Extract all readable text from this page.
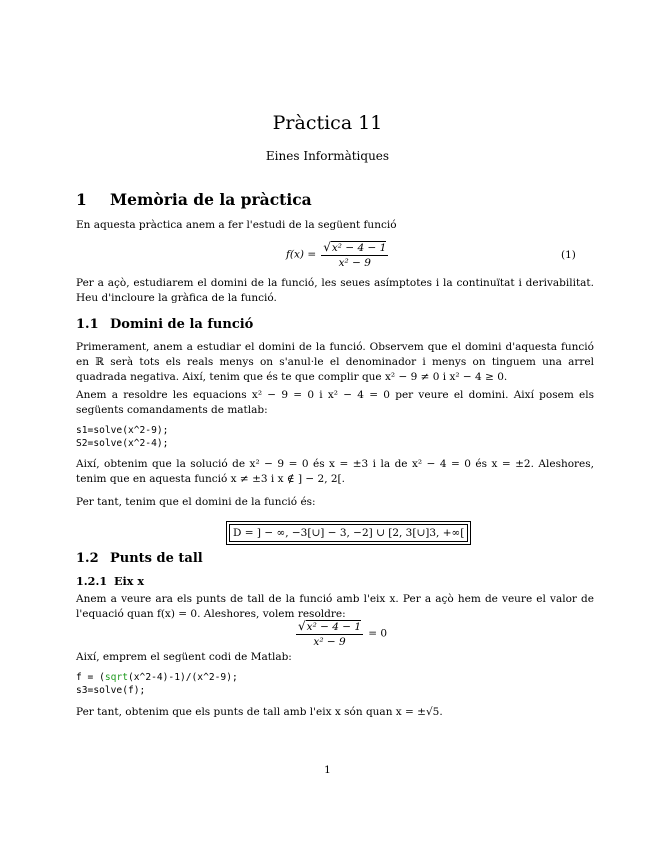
Pràctica 11
Eines Informàtiques
1 Memòria de la pràctica
En aquesta pràctica anem a fer l'estudi de la següent funció
$f(x) = \frac{\text{√x² − 4 − 1}}{\text{x² − 9}}$	(1)
Per a açò, estudiarem el domini de la funció, les seues asímptotes i la continuïtat i derivabilitat. Heu d'incloure la gràfica de la funció.
1.1 Domini de la funció
Primerament, anem a estudiar el domini de la funció. Observem que el domini d'aquesta funció en ℝ serà tots els reals menys on s'anul·le el denominador i menys on tinguem una arrel quadrada negativa. Així, tenim que és te que complir que x² − 9 ≠ 0 i x² − 4 ≥ 0.
Anem a resoldre les equacions x² − 9 = 0 i x² − 4 = 0 per veure el domini. Així posem els següents comandaments de matlab:
s1=solve(x^2-9);
S2=solve(x^2-4);
Així, obtenim que la solució de x² − 9 = 0 és x = ±3 i la de x² − 4 = 0 és x = ±2. Aleshores, tenim que en aquesta funció x ≠ ±3 i x ∉ ] − 2, 2[.
Per tant, tenim que el domini de la funció és:
D = ] − ∞, −3[∪] − 3, −2] ∪ [2, 3[∪]3, +∞[
1.2 Punts de tall
1.2.1 Eix x
Anem a veure ara els punts de tall de la funció amb l'eix x. Per a açò hem de veure el valor de l'equació quan f(x) = 0. Aleshores, volem resoldre:
$\frac{\text{√x² − 4 − 1}}{\text{x² − 9}} = 0$
Així, emprem el següent codi de Matlab:
f = (sqrt(x^2-4)-1)/(x^2-9);
s3=solve(f);
Per tant, obtenim que els punts de tall amb l'eix x són quan x = ±√5.
1
